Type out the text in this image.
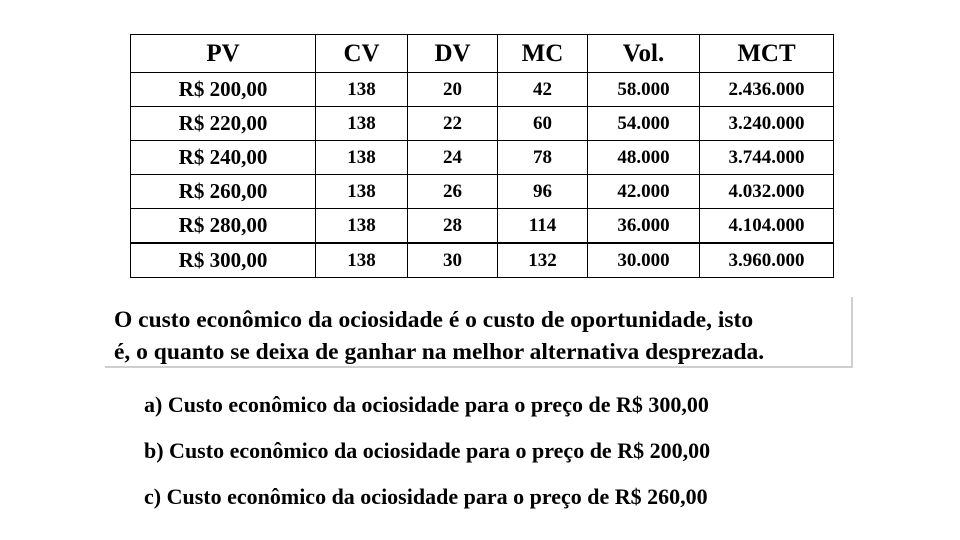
PV	CV	DV	MC	Vol.	MCT
R$ 200,00	138	20	42	58.000	2.436.000
R$ 220,00	138	22	60	54.000	3.240.000
R$ 240,00	138	24	78	48.000	3.744.000
R$ 260,00	138	26	96	42.000	4.032.000
R$ 280,00	138	28	114	36.000	4.104.000
R$ 300,00	138	30	132	30.000	3.960.000
O custo econômico da ociosidade é o custo de oportunidade, isto
é, o quanto se deixa de ganhar na melhor alternativa desprezada.
a) Custo econômico da ociosidade para o preço de R$ 300,00
b) Custo econômico da ociosidade para o preço de R$ 200,00
c) Custo econômico da ociosidade para o preço de R$ 260,00
